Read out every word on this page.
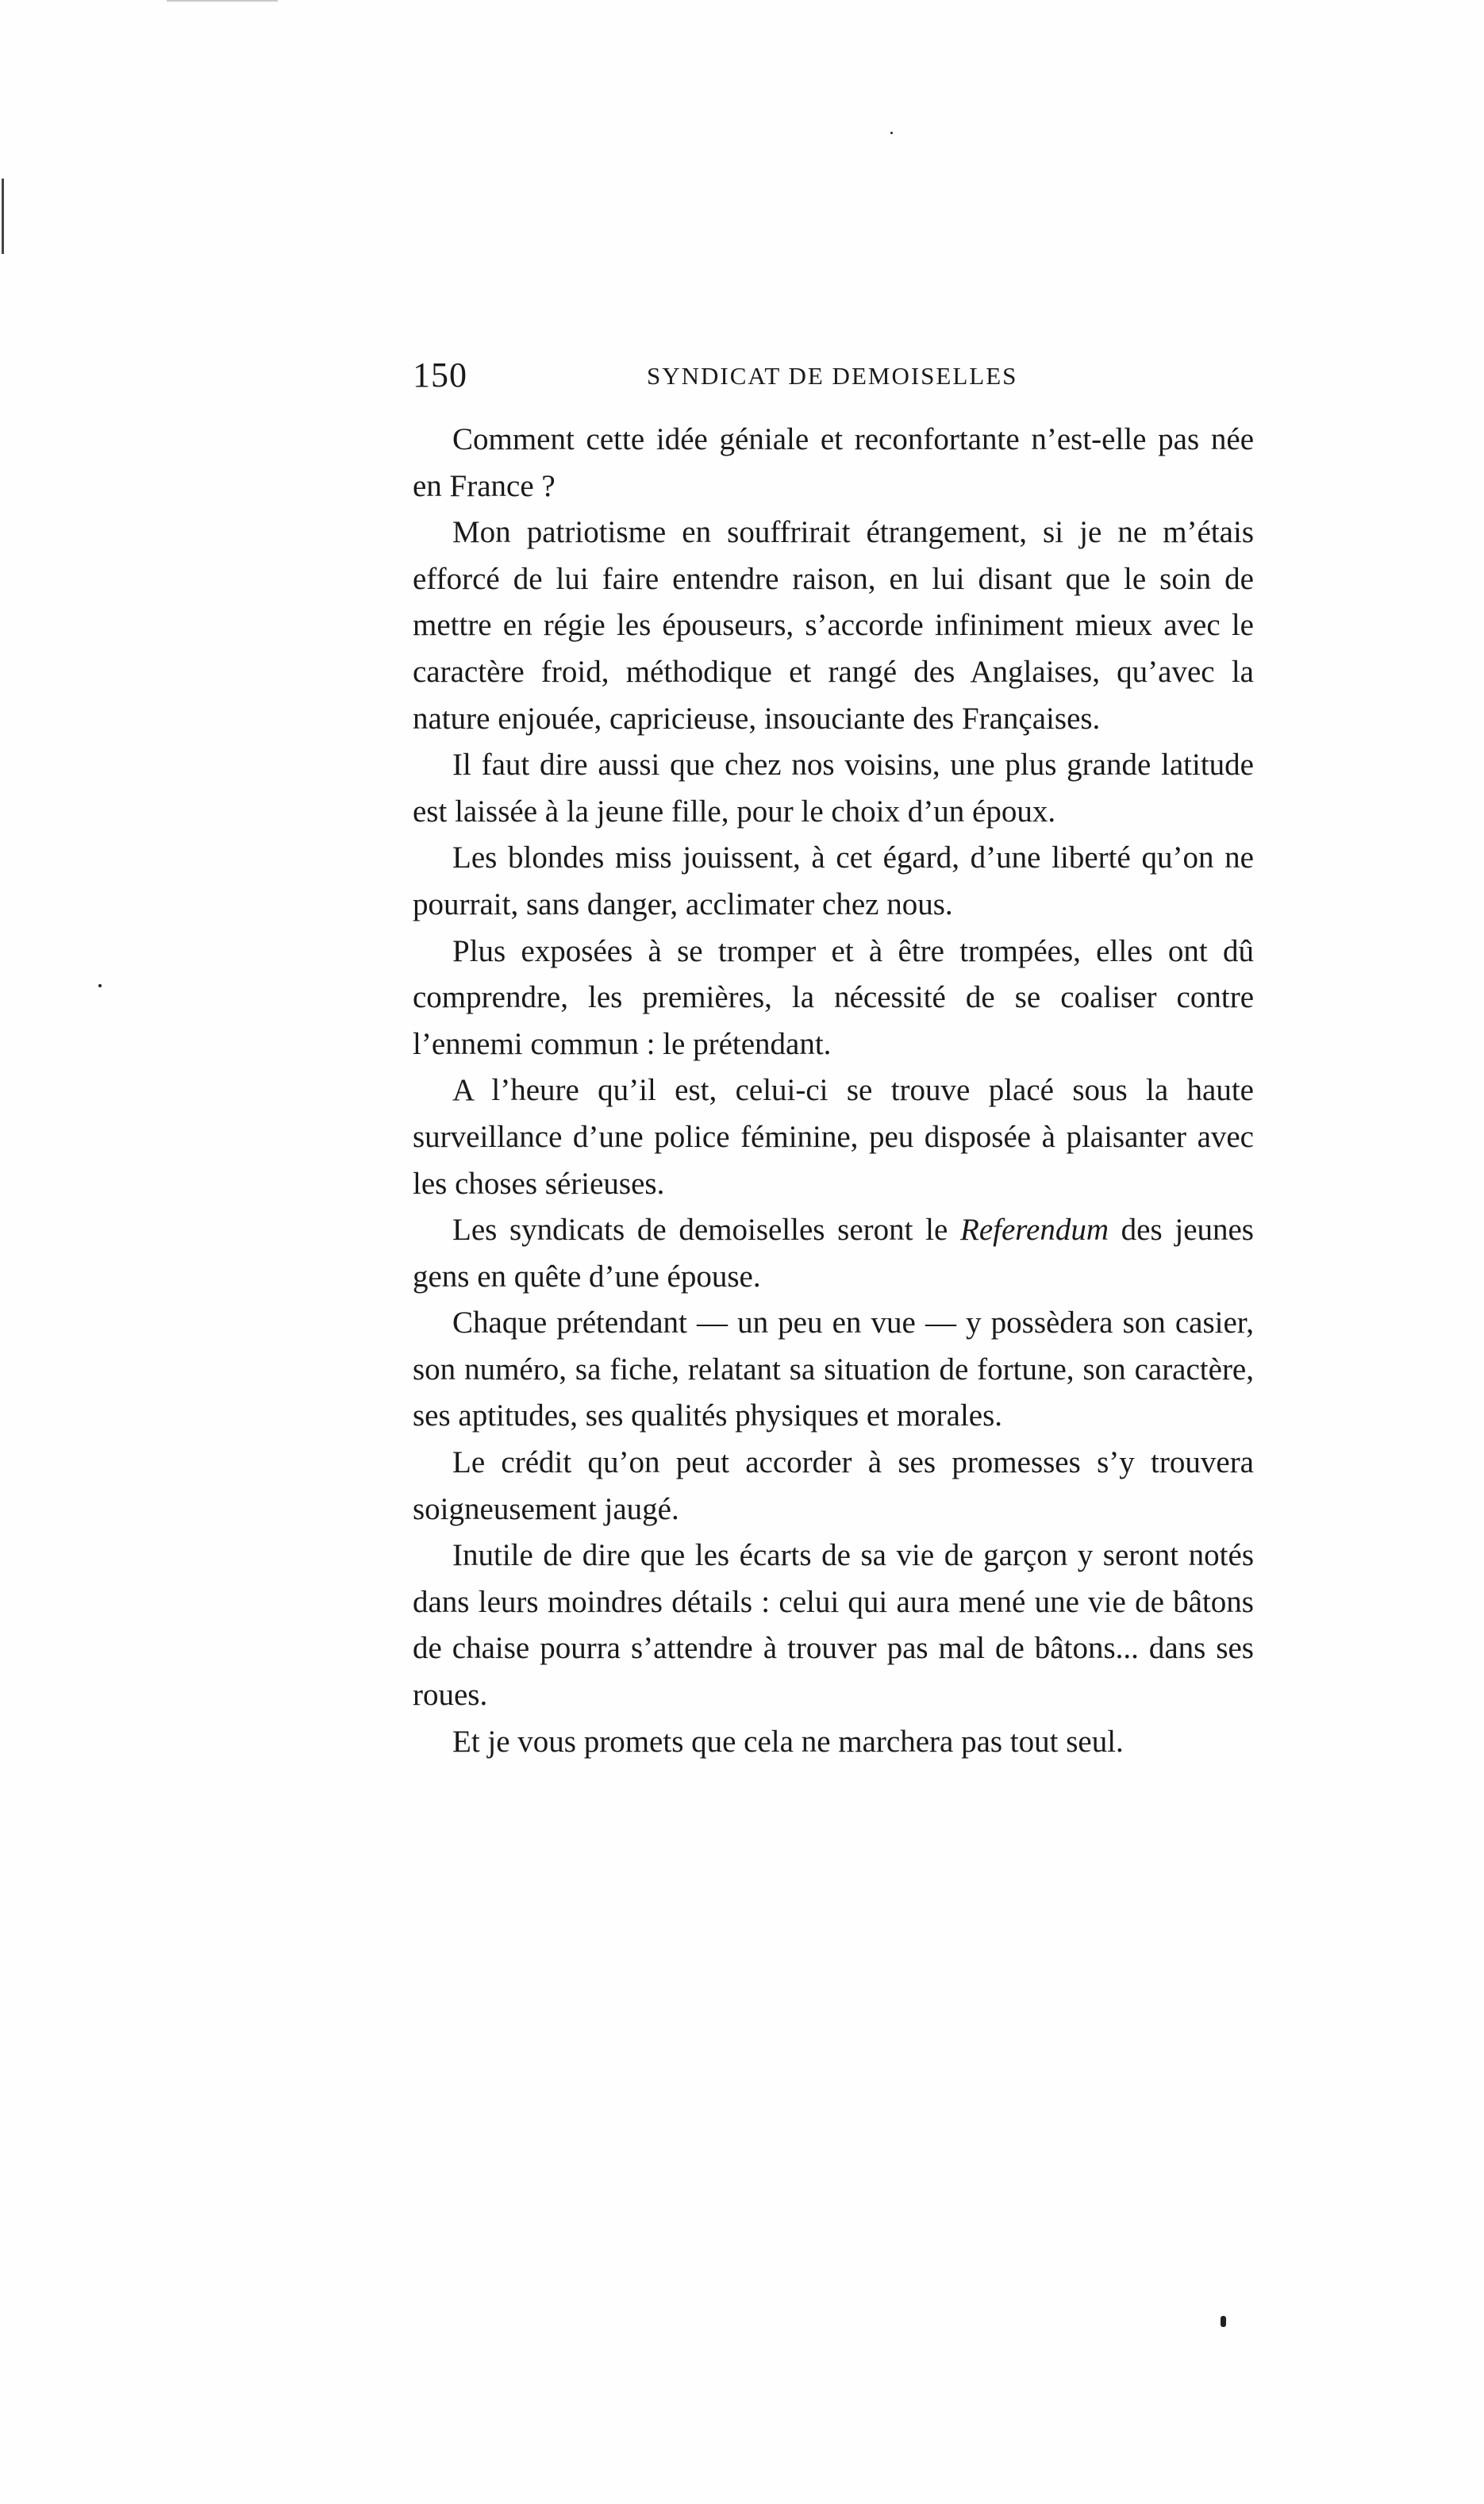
150	SYNDICAT DE DEMOISELLES

Comment cette idée géniale et reconfortante n’est-elle pas née en France ?

Mon patriotisme en souffrirait étrangement, si je ne m’étais efforcé de lui faire entendre raison, en lui disant que le soin de mettre en régie les épouseurs, s’accorde infiniment mieux avec le caractère froid, méthodique et rangé des Anglaises, qu’avec la nature enjouée, capricieuse, insouciante des Françaises.

Il faut dire aussi que chez nos voisins, une plus grande latitude est laissée à la jeune fille, pour le choix d’un époux.

Les blondes miss jouissent, à cet égard, d’une liberté qu’on ne pourrait, sans danger, acclimater chez nous.

Plus exposées à se tromper et à être trompées, elles ont dû comprendre, les premières, la nécessité de se coaliser contre l’ennemi commun : le prétendant.

A l’heure qu’il est, celui-ci se trouve placé sous la haute surveillance d’une police féminine, peu disposée à plaisanter avec les choses sérieuses.

Les syndicats de demoiselles seront le Referendum des jeunes gens en quête d’une épouse.

Chaque prétendant — un peu en vue — y possèdera son casier, son numéro, sa fiche, relatant sa situation de fortune, son caractère, ses aptitudes, ses qualités physiques et morales.

Le crédit qu’on peut accorder à ses promesses s’y trouvera soigneusement jaugé.

Inutile de dire que les écarts de sa vie de garçon y seront notés dans leurs moindres détails : celui qui aura mené une vie de bâtons de chaise pourra s’attendre à trouver pas mal de bâtons... dans ses roues.

Et je vous promets que cela ne marchera pas tout seul.
